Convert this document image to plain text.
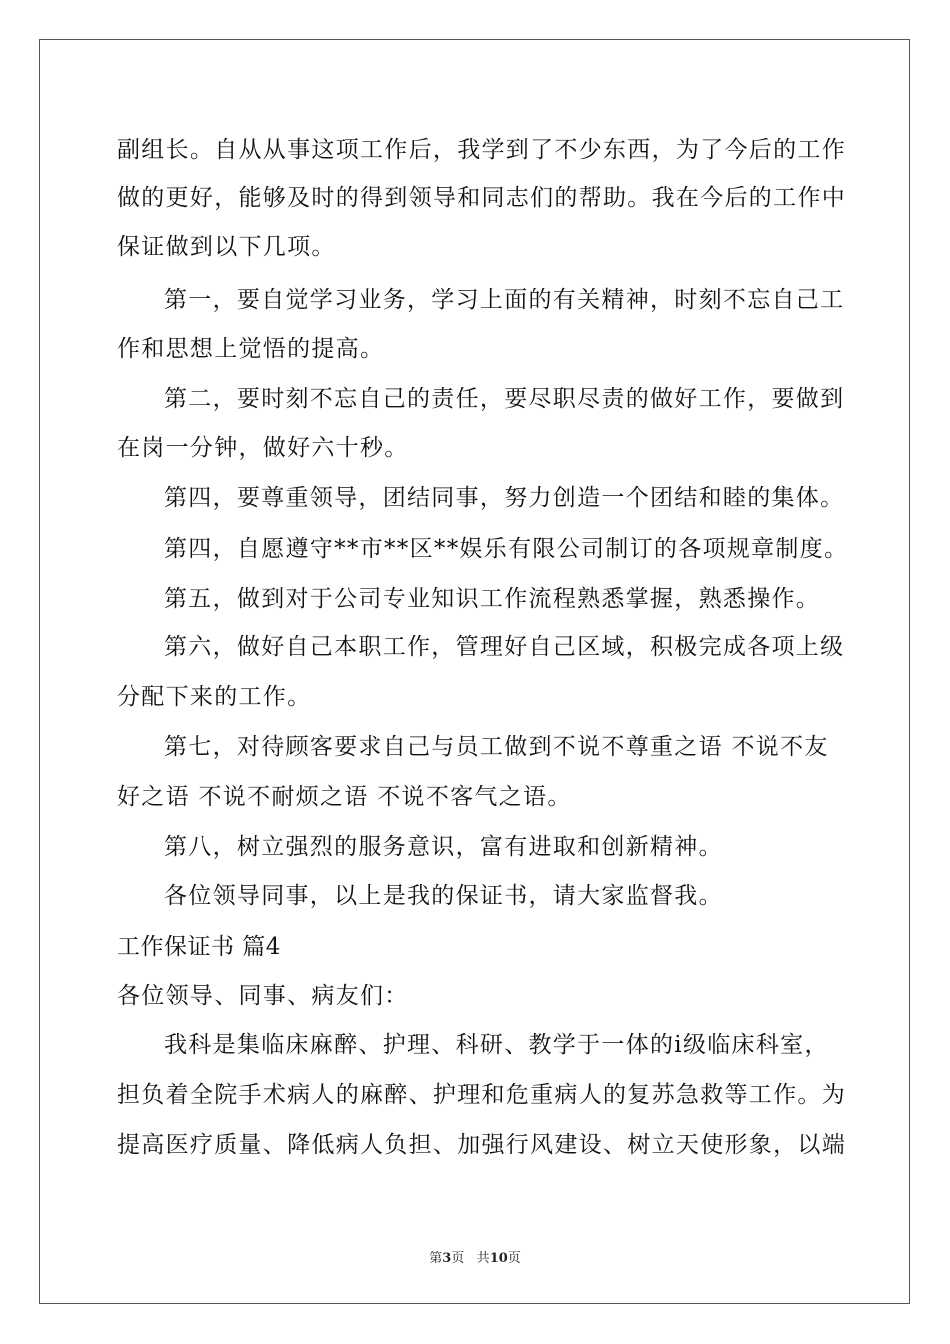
副组长。自从从事这项工作后，我学到了不少东西，为了今后的工作
做的更好，能够及时的得到领导和同志们的帮助。我在今后的工作中
保证做到以下几项。
第一，要自觉学习业务，学习上面的有关精神，时刻不忘自己工
作和思想上觉悟的提高。
第二，要时刻不忘自己的责任，要尽职尽责的做好工作，要做到
在岗一分钟，做好六十秒。
第四，要尊重领导，团结同事，努力创造一个团结和睦的集体。
第四，自愿遵守**市**区**娱乐有限公司制订的各项规章制度。
第五，做到对于公司专业知识工作流程熟悉掌握，熟悉操作。
第六，做好自己本职工作，管理好自己区域，积极完成各项上级
分配下来的工作。
第七，对待顾客要求自己与员工做到不说不尊重之语 不说不友
好之语 不说不耐烦之语 不说不客气之语。
第八，树立强烈的服务意识，富有进取和创新精神。
各位领导同事，以上是我的保证书，请大家监督我。
工作保证书 篇4
各位领导、同事、病友们：
我科是集临床麻醉、护理、科研、教学于一体的ⅰ级临床科室，
担负着全院手术病人的麻醉、护理和危重病人的复苏急救等工作。为
提高医疗质量、降低病人负担、加强行风建设、树立天使形象，以端
第3页 共10页
